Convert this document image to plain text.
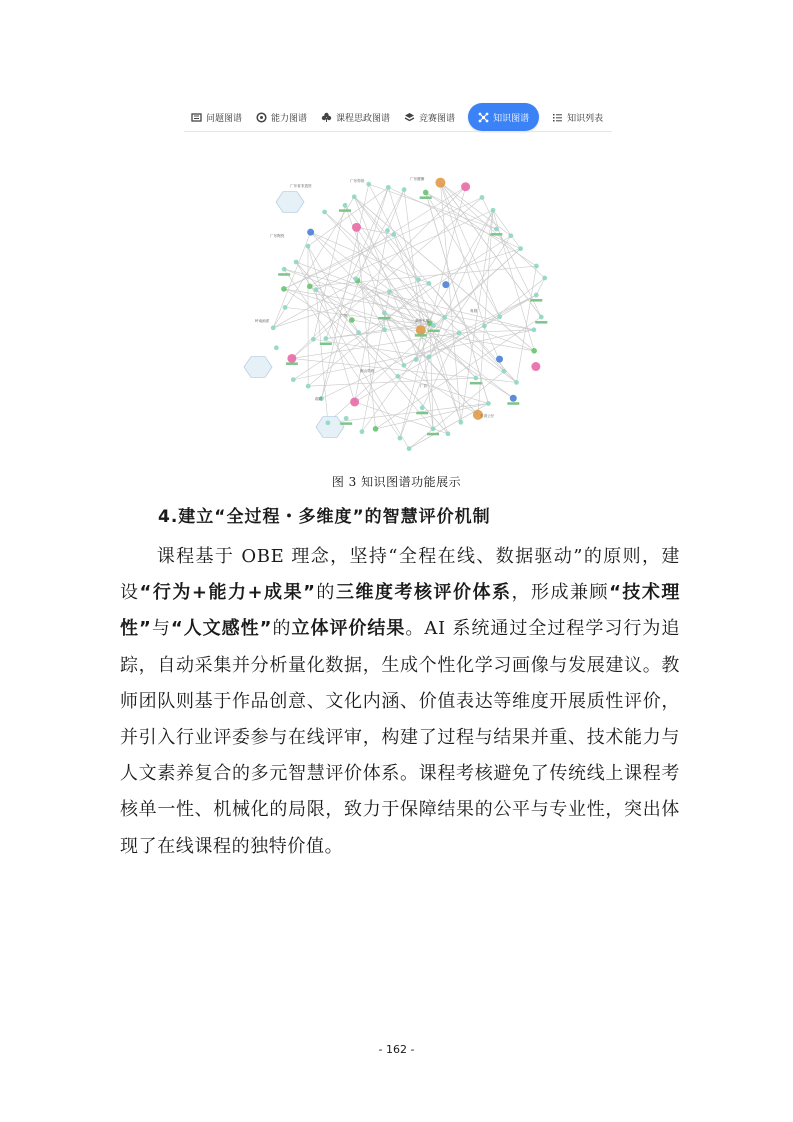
问题图谱	能力图谱	课程思政图谱	竞赛图谱	知识图谱	知识列表
广东省非遗馆
广东剪纸	广东醒狮
广东陶瓷
岭南画派
广绣
潮州木雕
粤剧
佛山剪纸
广彩
石湾公仔
端砚
图 3 知识图谱功能展示
4.建立“全过程・多维度”的智慧评价机制
课程基于 OBE 理念，坚持“全程在线、数据驱动”的原则，建设“行为+能力+成果”的三维度考核评价体系，形成兼顾“技术理性”与“人文感性”的立体评价结果。AI 系统通过全过程学习行为追踪，自动采集并分析量化数据，生成个性化学习画像与发展建议。教师团队则基于作品创意、文化内涵、价值表达等维度开展质性评价，并引入行业评委参与在线评审，构建了过程与结果并重、技术能力与人文素养复合的多元智慧评价体系。课程考核避免了传统线上课程考核单一性、机械化的局限，致力于保障结果的公平与专业性，突出体现了在线课程的独特价值。
- 162 -
